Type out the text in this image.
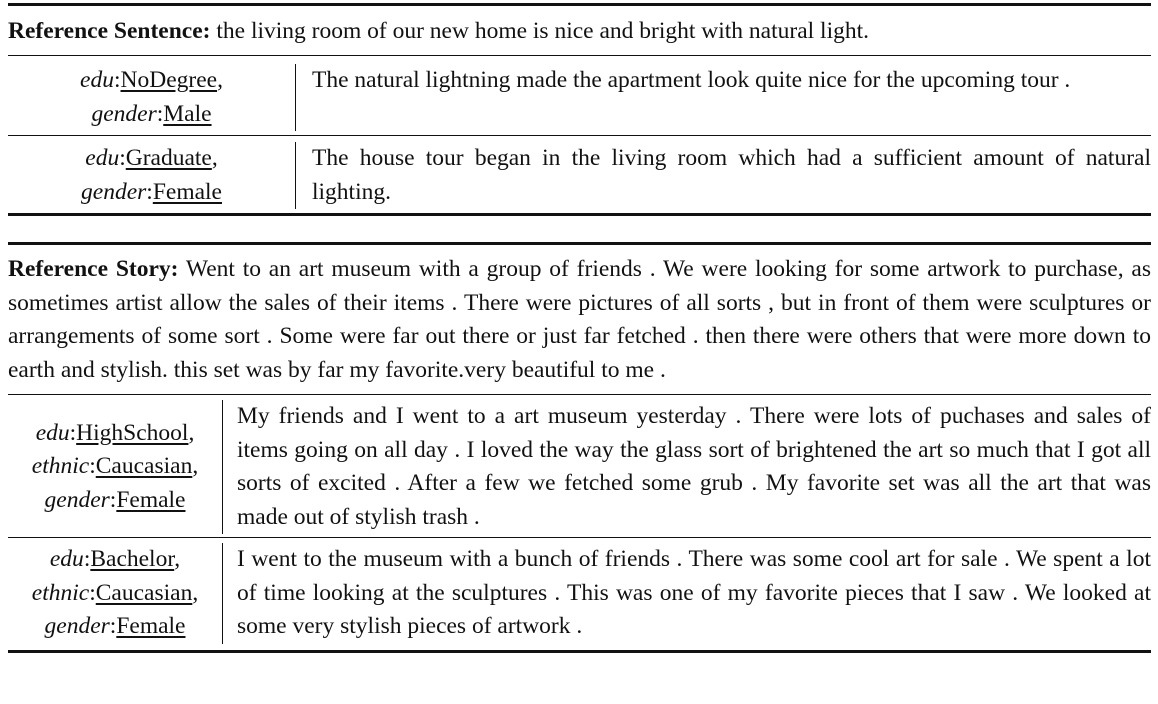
Reference Sentence: the living room of our new home is nice and bright with natural light.
edu:NoDegree,
gender:Male
The natural lightning made the apartment look quite nice for the upcoming tour .
edu:Graduate,
gender:Female
The house tour began in the living room which had a sufficient amount of natural lighting.
Reference Story: Went to an art museum with a group of friends . We were looking for some artwork to purchase, as sometimes artist allow the sales of their items . There were pictures of all sorts , but in front of them were sculptures or arrangements of some sort . Some were far out there or just far fetched . then there were others that were more down to earth and stylish. this set was by far my favorite.very beautiful to me .
edu:HighSchool,
ethnic:Caucasian,
gender:Female
My friends and I went to a art museum yesterday . There were lots of puchases and sales of items going on all day . I loved the way the glass sort of brightened the art so much that I got all sorts of excited . After a few we fetched some grub . My favorite set was all the art that was made out of stylish trash .
edu:Bachelor,
ethnic:Caucasian,
gender:Female
I went to the museum with a bunch of friends . There was some cool art for sale . We spent a lot of time looking at the sculptures . This was one of my favorite pieces that I saw . We looked at some very stylish pieces of artwork .
